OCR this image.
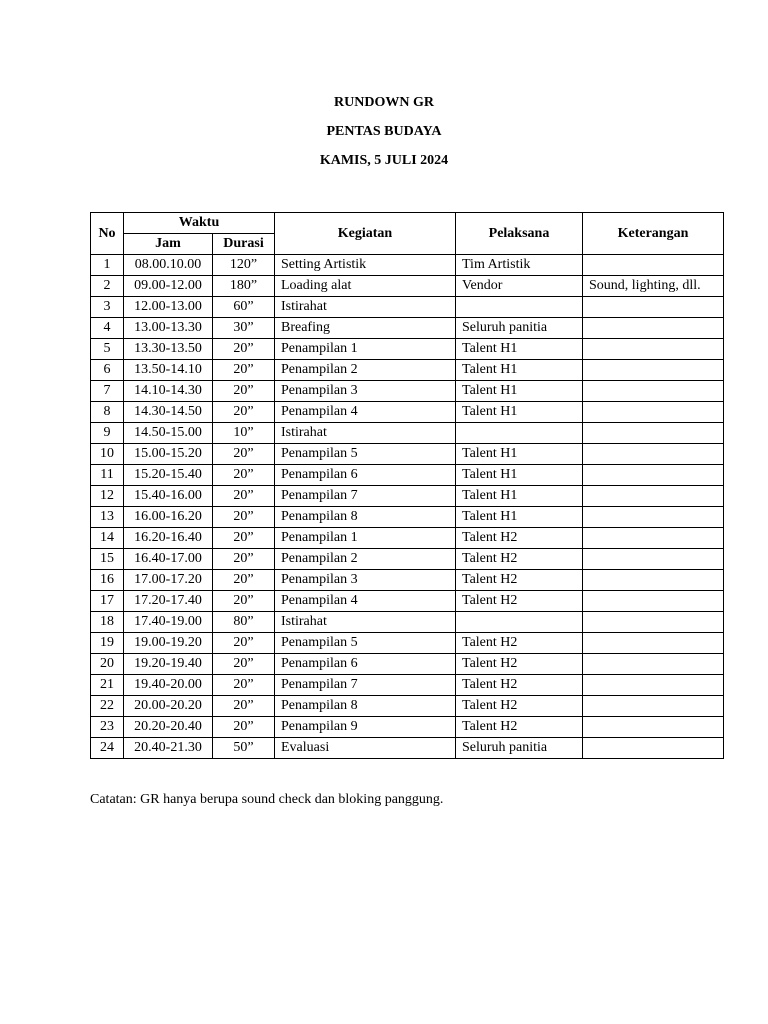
RUNDOWN GR
PENTAS BUDAYA
KAMIS, 5 JULI 2024
No	Waktu		Kegiatan	Pelaksana	Keterangan
	Jam	Durasi			
1	08.00.10.00	120”	Setting Artistik	Tim Artistik	
2	09.00-12.00	180”	Loading alat	Vendor	Sound, lighting, dll.
3	12.00-13.00	60”	Istirahat		
4	13.00-13.30	30”	Breafing	Seluruh panitia	
5	13.30-13.50	20”	Penampilan 1	Talent H1	
6	13.50-14.10	20”	Penampilan 2	Talent H1	
7	14.10-14.30	20”	Penampilan 3	Talent H1	
8	14.30-14.50	20”	Penampilan 4	Talent H1	
9	14.50-15.00	10”	Istirahat		
10	15.00-15.20	20”	Penampilan 5	Talent H1	
11	15.20-15.40	20”	Penampilan 6	Talent H1	
12	15.40-16.00	20”	Penampilan 7	Talent H1	
13	16.00-16.20	20”	Penampilan 8	Talent H1	
14	16.20-16.40	20”	Penampilan 1	Talent H2	
15	16.40-17.00	20”	Penampilan 2	Talent H2	
16	17.00-17.20	20”	Penampilan 3	Talent H2	
17	17.20-17.40	20”	Penampilan 4	Talent H2	
18	17.40-19.00	80”	Istirahat		
19	19.00-19.20	20”	Penampilan 5	Talent H2	
20	19.20-19.40	20”	Penampilan 6	Talent H2	
21	19.40-20.00	20”	Penampilan 7	Talent H2	
22	20.00-20.20	20”	Penampilan 8	Talent H2	
23	20.20-20.40	20”	Penampilan 9	Talent H2	
24	20.40-21.30	50”	Evaluasi	Seluruh panitia	
Catatan: GR hanya berupa sound check dan bloking panggung.
